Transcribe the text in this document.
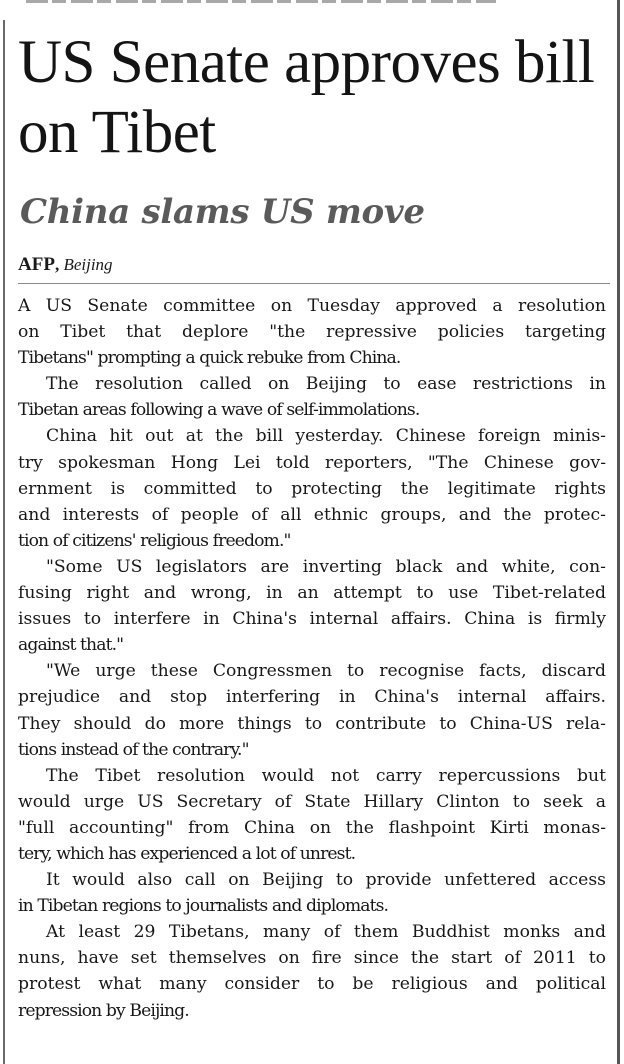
US Senate approves bill on Tibet
China slams US move
AFP, Beijing
A US Senate committee on Tuesday approved a resolution
on Tibet that deplore "the repressive policies targeting
Tibetans" prompting a quick rebuke from China.
The resolution called on Beijing to ease restrictions in
Tibetan areas following a wave of self-immolations.
China hit out at the bill yesterday. Chinese foreign minis-
try spokesman Hong Lei told reporters, "The Chinese gov-
ernment is committed to protecting the legitimate rights
and interests of people of all ethnic groups, and the protec-
tion of citizens' religious freedom."
"Some US legislators are inverting black and white, con-
fusing right and wrong, in an attempt to use Tibet-related
issues to interfere in China's internal affairs. China is firmly
against that."
"We urge these Congressmen to recognise facts, discard
prejudice and stop interfering in China's internal affairs.
They should do more things to contribute to China-US rela-
tions instead of the contrary."
The Tibet resolution would not carry repercussions but
would urge US Secretary of State Hillary Clinton to seek a
"full accounting" from China on the flashpoint Kirti monas-
tery, which has experienced a lot of unrest.
It would also call on Beijing to provide unfettered access
in Tibetan regions to journalists and diplomats.
At least 29 Tibetans, many of them Buddhist monks and
nuns, have set themselves on fire since the start of 2011 to
protest what many consider to be religious and political
repression by Beijing.
